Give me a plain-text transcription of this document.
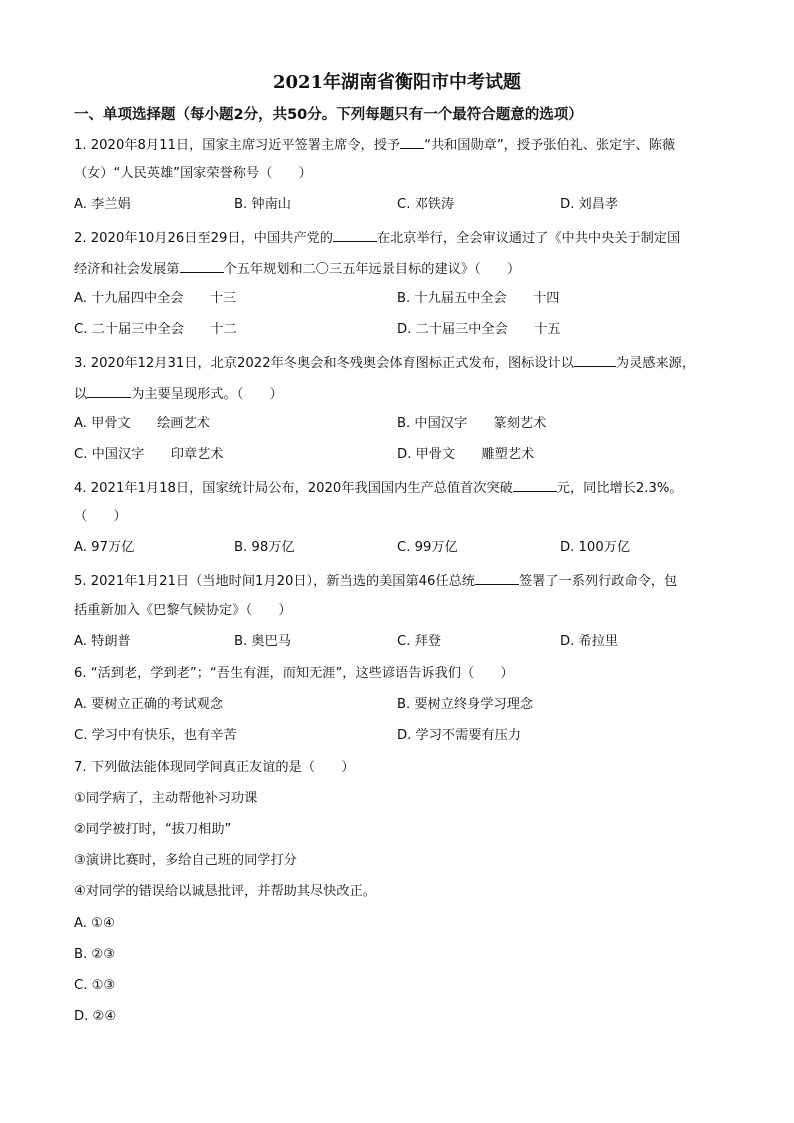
2021年湖南省衡阳市中考试题
一、单项选择题（每小题2分，共50分。下列每题只有一个最符合题意的选项）
1. 2020年8月11日，国家主席习近平签署主席令，授予 “共和国勋章”，授予张伯礼、张定宇、陈薇
（女）“人民英雄”国家荣誉称号（　　）
A. 李兰娟	B. 钟南山	C. 邓铁涛	D. 刘昌孝
2. 2020年10月26日至29日，中国共产党的	在北京举行，全会审议通过了《中共中央关于制定国
经济和社会发展第	个五年规划和二〇三五年远景目标的建议》（　　）
A. 十九届四中全会　　十三	B. 十九届五中全会　　十四
C. 二十届三中全会　　十二	D. 二十届三中全会　　十五
3. 2020年12月31日，北京2022年冬奥会和冬残奥会体育图标正式发布，图标设计以	为灵感来源，
以	为主要呈现形式。（　　）
A. 甲骨文　　绘画艺术	B. 中国汉字　　篆刻艺术
C. 中国汉字　　印章艺术	D. 甲骨文　　雕塑艺术
4. 2021年1月18日，国家统计局公布，2020年我国国内生产总值首次突破	元，同比增长2.3%。
（　　）
A. 97万亿	B. 98万亿	C. 99万亿	D. 100万亿
5. 2021年1月21日（当地时间1月20日），新当选的美国第46任总统	签署了一系列行政命令，包
括重新加入《巴黎气候协定》（　　）
A. 特朗普	B. 奥巴马	C. 拜登	D. 希拉里
6. “活到老，学到老”；“吾生有涯，而知无涯”，这些谚语告诉我们（　　）
A. 要树立正确的考试观念	B. 要树立终身学习理念
C. 学习中有快乐，也有辛苦	D. 学习不需要有压力
7. 下列做法能体现同学间真正友谊的是（　　）
①同学病了，主动帮他补习功课
②同学被打时，“拔刀相助”
③演讲比赛时，多给自己班的同学打分
④对同学的错误给以诚恳批评，并帮助其尽快改正。
A. ①④
B. ②③
C. ①③
D. ②④
